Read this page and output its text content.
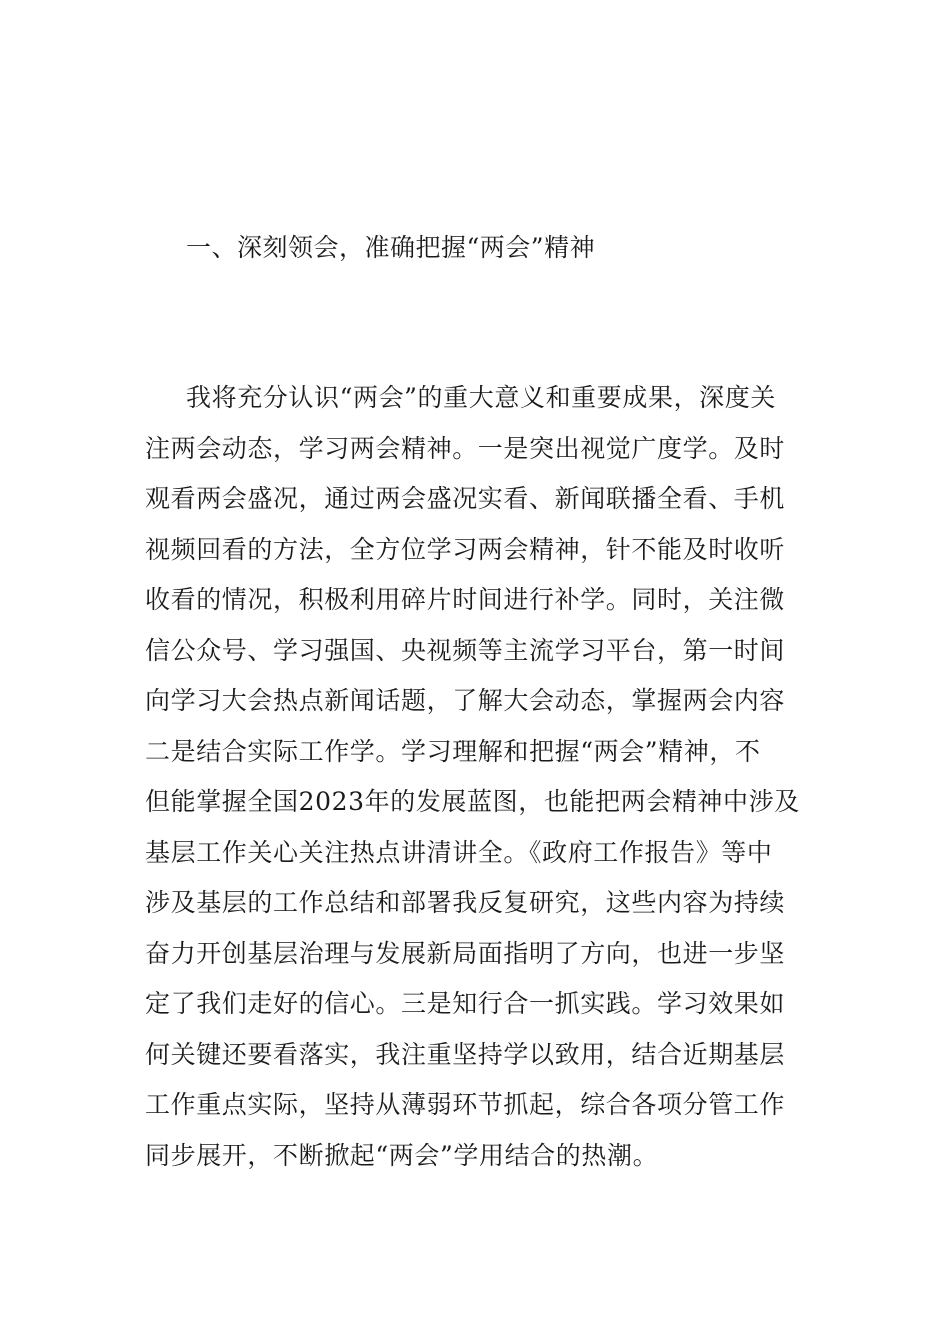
一、深刻领会，准确把握“两会”精神
我将充分认识“两会”的重大意义和重要成果，深度关
注两会动态，学习两会精神。一是突出视觉广度学。及时
观看两会盛况，通过两会盛况实看、新闻联播全看、手机
视频回看的方法，全方位学习两会精神，针不能及时收听
收看的情况，积极利用碎片时间进行补学。同时，关注微
信公众号、学习强国、央视频等主流学习平台，第一时间
向学习大会热点新闻话题，了解大会动态，掌握两会内容
二是结合实际工作学。学习理解和把握“两会”精神，不
但能掌握全国2023年的发展蓝图，也能把两会精神中涉及
基层工作关心关注热点讲清讲全。《政府工作报告》等中
涉及基层的工作总结和部署我反复研究，这些内容为持续
奋力开创基层治理与发展新局面指明了方向，也进一步坚
定了我们走好的信心。三是知行合一抓实践。学习效果如
何关键还要看落实，我注重坚持学以致用，结合近期基层
工作重点实际，坚持从薄弱环节抓起，综合各项分管工作
同步展开，不断掀起“两会”学用结合的热潮。
